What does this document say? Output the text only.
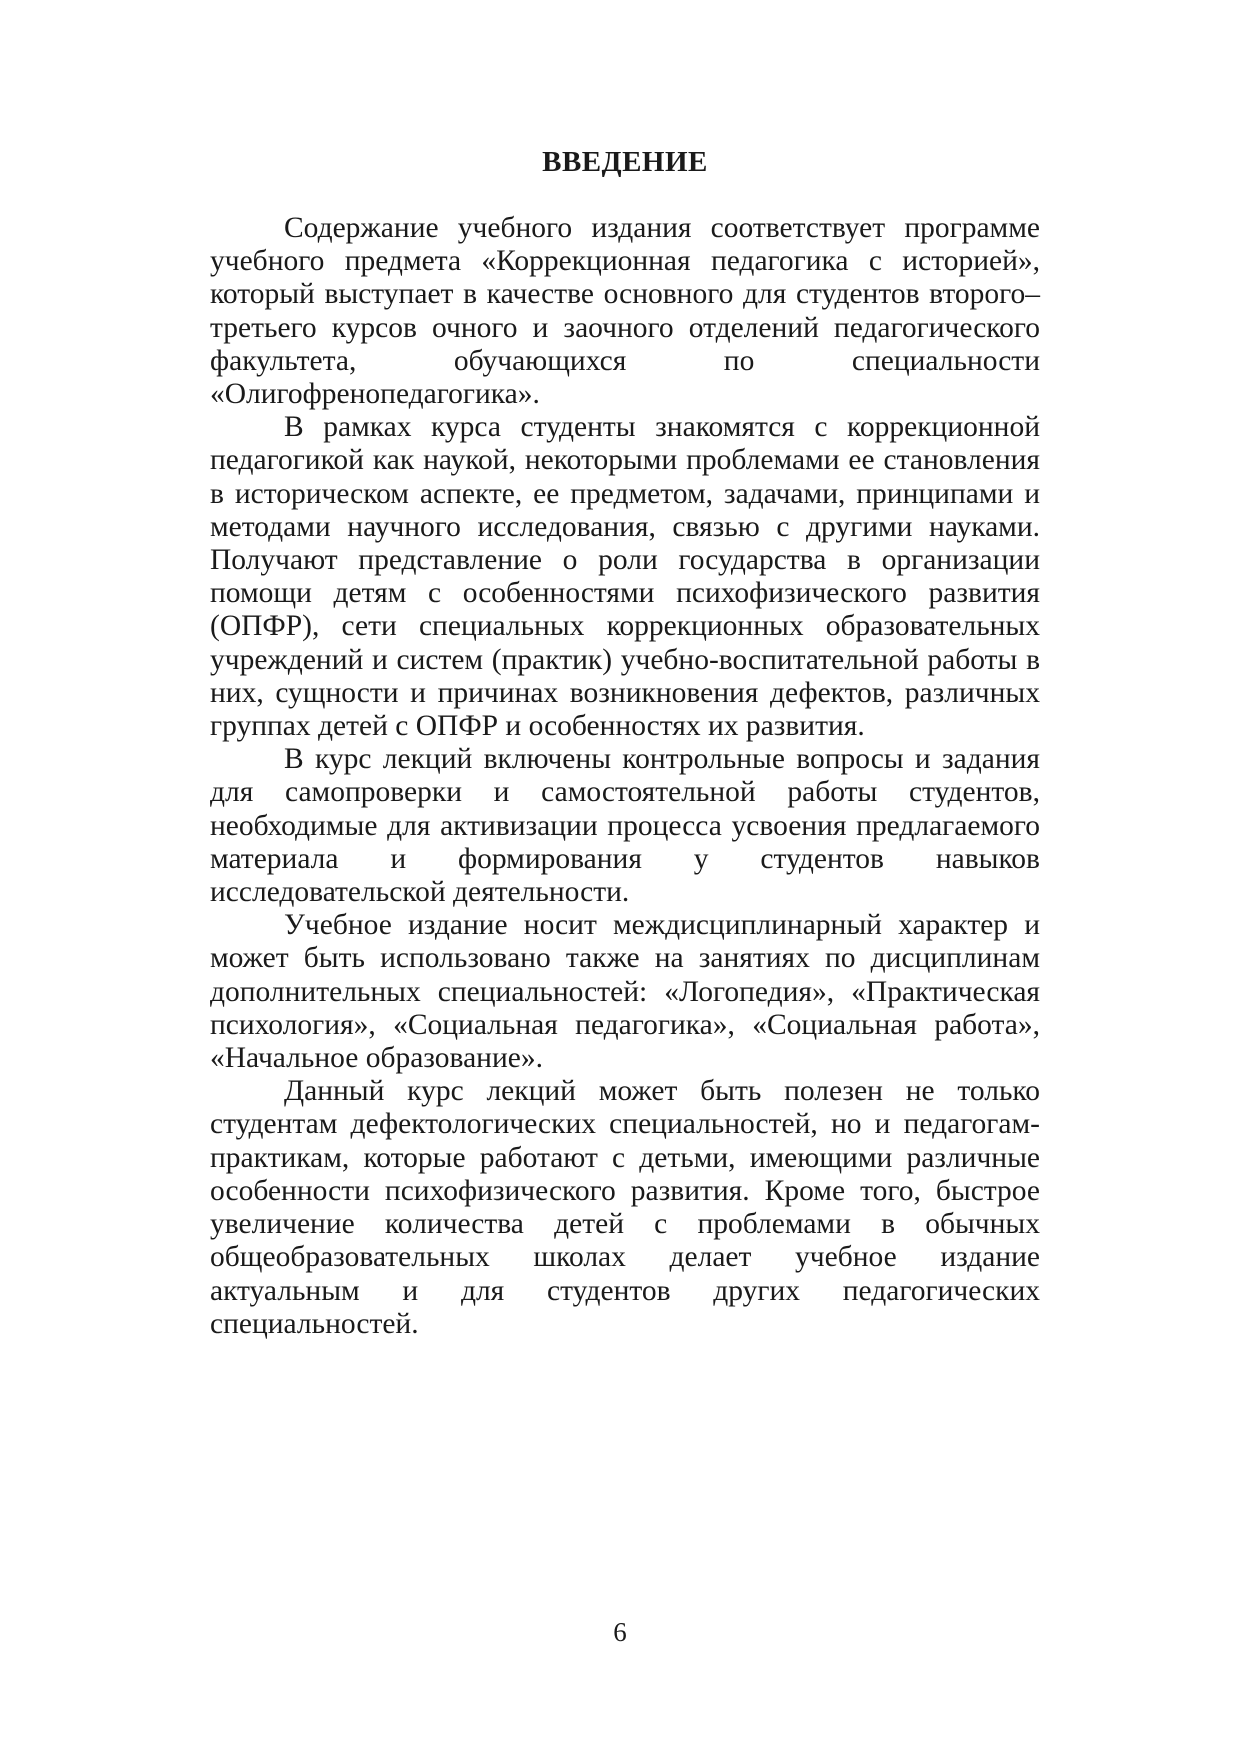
ВВЕДЕНИЕ

Содержание учебного издания соответствует программе учебного предмета «Коррекционная педагогика с историей», который выступает в качестве основного для студентов второго–третьего курсов очного и заочного отделений педагогического факультета, обучающихся по специальности «Олигофренопедагогика».

В рамках курса студенты знакомятся с коррекционной педагогикой как наукой, некоторыми проблемами ее становления в историческом аспекте, ее предметом, задачами, принципами и методами научного исследования, связью с другими науками. Получают представление о роли государства в организации помощи детям с особенностями психофизического развития (ОПФР), сети специальных коррекционных образовательных учреждений и систем (практик) учебно-воспитательной работы в них, сущности и причинах возникновения дефектов, различных группах детей с ОПФР и особенностях их развития.

В курс лекций включены контрольные вопросы и задания для самопроверки и самостоятельной работы студентов, необходимые для активизации процесса усвоения предлагаемого материала и формирования у студентов навыков исследовательской деятельности.

Учебное издание носит междисциплинарный характер и может быть использовано также на занятиях по дисциплинам дополнительных специальностей: «Логопедия», «Практическая психология», «Социальная педагогика», «Социальная работа», «Начальное образование».

Данный курс лекций может быть полезен не только студентам дефектологических специальностей, но и педагогам-практикам, которые работают с детьми, имеющими различные особенности психофизического развития. Кроме того, быстрое увеличение количества детей с проблемами в обычных общеобразовательных школах делает учебное издание актуальным и для студентов других педагогических специальностей.

6
